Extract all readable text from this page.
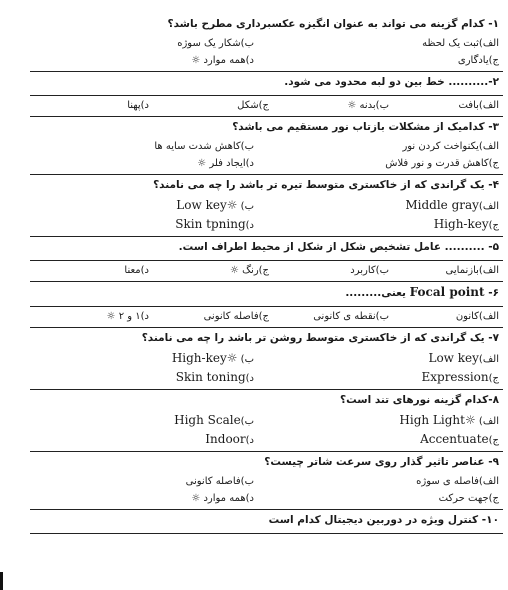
۱- کدام گزینه می تواند به عنوان انگیزه عکسبرداری مطرح باشد؟
الف)ثبت یک لحظه
ب)شکار یک سوژه
ج)یادگاری
د)همه موارد ☼
۲-.......... خط بین دو لبه محدود می شود.
الف)بافت
ب)بدنه ☼
ج)شکل
د)پهنا
۳- کدامیک از مشکلات بازتاب نور مستقیم می باشد؟
الف)یکنواخت کردن نور
ب)کاهش شدت سایه ها
ج)کاهش قدرت و نور فلاش
د)ایجاد فلر ☼
۴- یک گراندی که از خاکستری متوسط تیره تر باشد را چه می نامند؟
الف)Middle gray
ب) Low key☼
ج)High-key
د)Skin tpning
۵- .......... عامل تشخیص شکل از شکل از محیط اطراف است.
الف)بازنمایی
ب)کاربرد
ج)رنگ ☼
د)معنا
۶- Focal point یعنی.........
الف)کانون
ب)نقطه ی کانونی
ج)فاصله کانونی
د)۱ و ۲ ☼
۷- یک گراندی که از خاکستری متوسط روشن تر باشد را چه می نامند؟
الف)Low key
ب) High-key☼
ج)Expression
د)Skin toning
۸-کدام گزینه نورهای تند است؟
الف) High Light☼
ب)High Scale
ج)Accentuate
د)Indoor
۹- عناصر تاثیر گذار روی سرعت شاتر چیست؟
الف)فاصله ی سوژه
ب)فاصله کانونی
ج)جهت حرکت
د)همه موارد ☼
۱۰- کنترل ویژه در دوربین دیجیتال کدام است
